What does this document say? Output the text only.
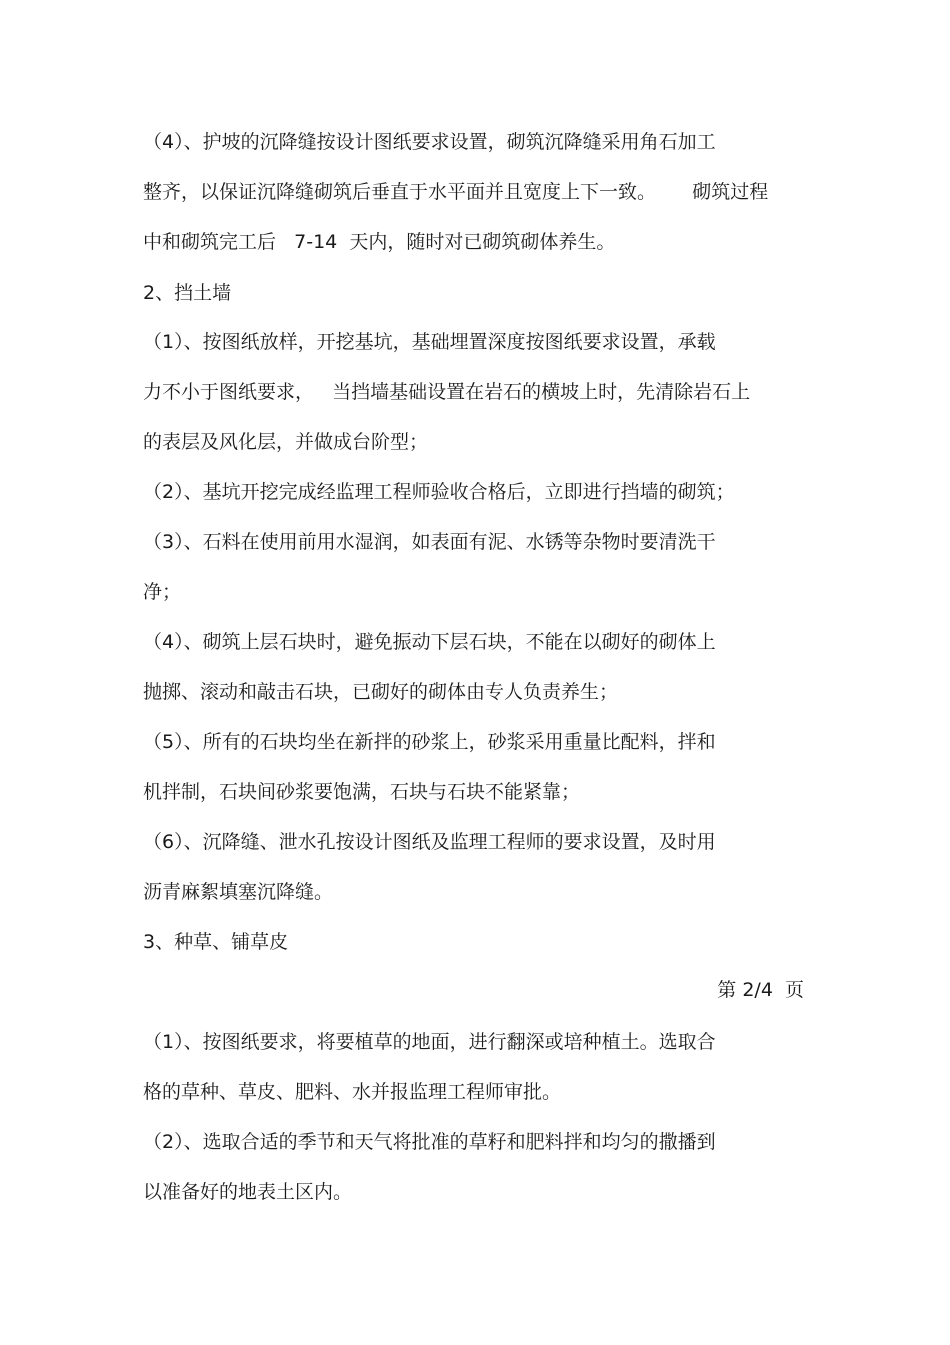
（4）、护坡的沉降缝按设计图纸要求设置，砌筑沉降缝采用角石加工
整齐，以保证沉降缝砌筑后垂直于水平面并且宽度上下一致。      砌筑过程
中和砌筑完工后   7-14  天内，随时对已砌筑砌体养生。
2、挡土墙
（1）、按图纸放样，开挖基坑，基础埋置深度按图纸要求设置，承载
力不小于图纸要求，   当挡墙基础设置在岩石的横坡上时，先清除岩石上
的表层及风化层，并做成台阶型；
（2）、基坑开挖完成经监理工程师验收合格后，立即进行挡墙的砌筑；
（3）、石料在使用前用水湿润，如表面有泥、水锈等杂物时要清洗干
净；
（4）、砌筑上层石块时，避免振动下层石块，不能在以砌好的砌体上
抛掷、滚动和敲击石块，已砌好的砌体由专人负责养生；
（5）、所有的石块均坐在新拌的砂浆上，砂浆采用重量比配料，拌和
机拌制，石块间砂浆要饱满，石块与石块不能紧靠；
（6）、沉降缝、泄水孔按设计图纸及监理工程师的要求设置，及时用
沥青麻絮填塞沉降缝。
3、种草、铺草皮
第 2/4  页
（1）、按图纸要求，将要植草的地面，进行翻深或培种植土。选取合
格的草种、草皮、肥料、水并报监理工程师审批。
（2）、选取合适的季节和天气将批准的草籽和肥料拌和均匀的撒播到
以准备好的地表土区内。
